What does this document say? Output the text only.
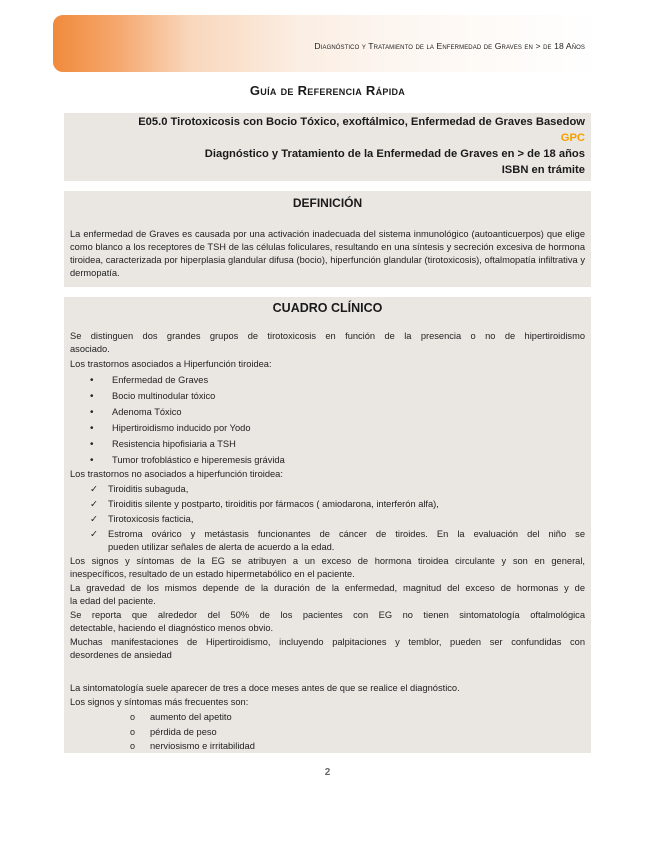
Diagnóstico y Tratamiento de la Enfermedad de Graves en > de 18 Años
Guía de Referencia Rápida
E05.0 Tirotoxicosis con Bocio Tóxico, exoftálmico, Enfermedad de Graves Basedow
GPC
Diagnóstico y Tratamiento de la Enfermedad de Graves en > de 18 años
ISBN en trámite
DEFINICIÓN
La enfermedad de Graves es causada por una activación inadecuada del sistema inmunológico (autoanticuerpos) que elige como blanco a los receptores de TSH de las células foliculares, resultando en una síntesis y secreción excesiva de hormona tiroidea, caracterizada por hiperplasia glandular difusa (bocio), hiperfunción glandular (tirotoxicosis), oftalmopatía infiltrativa y dermopatía.
CUADRO CLÍNICO
Se distinguen dos grandes grupos de tirotoxicosis en función de la presencia o no de hipertiroidismo
asociado.
Los trastornos asociados a Hiperfunción tiroidea:
• Enfermedad de Graves
• Bocio multinodular tóxico
• Adenoma Tóxico
• Hipertiroidismo inducido por Yodo
• Resistencia hipofisiaria a TSH
• Tumor trofoblástico e hiperemesis grávida
Los trastornos no asociados a hiperfunción tiroidea:
✓ Tiroiditis subaguda,
✓ Tiroiditis silente y postparto, tiroiditis por fármacos ( amiodarona, interferón alfa),
✓ Tirotoxicosis facticia,
✓ Estroma ovárico y metástasis funcionantes de cáncer de tiroides. En la evaluación del niño se
pueden utilizar señales de alerta de acuerdo a la edad.
Los signos y síntomas de la EG se atribuyen a un exceso de hormona tiroidea circulante y son en general,
inespecíficos, resultado de un estado hipermetabólico en el paciente.
La gravedad de los mismos depende de la duración de la enfermedad, magnitud del exceso de hormonas y de
la edad del paciente.
Se reporta que alrededor del 50% de los pacientes con EG no tienen sintomatología oftalmológica
detectable, haciendo el diagnóstico menos obvio.
Muchas manifestaciones de Hipertiroidismo, incluyendo palpitaciones y temblor, pueden ser confundidas con
desordenes de ansiedad
La sintomatología suele aparecer de tres a doce meses antes de que se realice el diagnóstico.
Los signos y síntomas más frecuentes son:
o aumento del apetito
o pérdida de peso
o nerviosismo e irritabilidad
2
